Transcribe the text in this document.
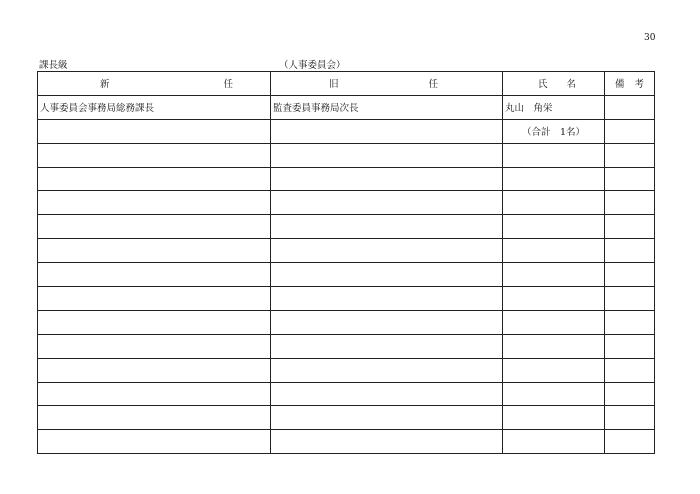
30
課長級	（人事委員会）
新 任	旧 任	氏 名	備 考

人事委員会事務局総務課長	監査委員事務局次長	丸山　角栄	
		（合計　1名）	
